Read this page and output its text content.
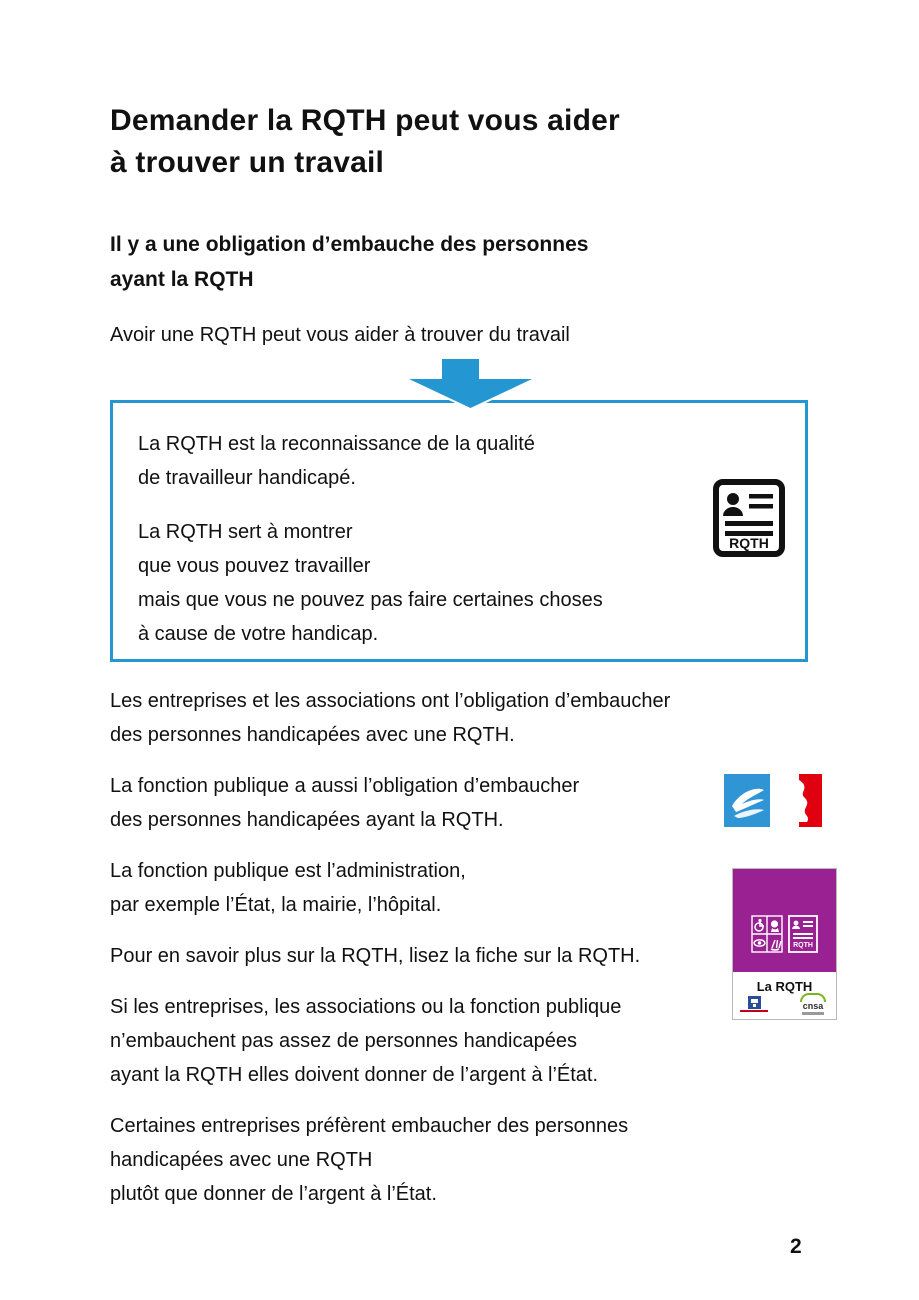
Demander la RQTH peut vous aider
à trouver un travail
Il y a une obligation d’embauche des personnes
ayant la RQTH

Avoir une RQTH peut vous aider à trouver du travail

La RQTH est la reconnaissance de la qualité
de travailleur handicapé.
La RQTH sert à montrer
que vous pouvez travailler
mais que vous ne pouvez pas faire certaines choses
à cause de votre handicap.
RQTH

Les entreprises et les associations ont l’obligation d’embaucher
des personnes handicapées avec une RQTH.

La fonction publique a aussi l’obligation d’embaucher
des personnes handicapées ayant la RQTH.

La fonction publique est l’administration,
par exemple l’État, la mairie, l’hôpital.

Pour en savoir plus sur la RQTH, lisez la fiche sur la RQTH.

Si les entreprises, les associations ou la fonction publique
n’embauchent pas assez de personnes handicapées
ayant la RQTH elles doivent donner de l’argent à l’État.

Certaines entreprises préfèrent embaucher des personnes
handicapées avec une RQTH
plutôt que donner de l’argent à l’État.

RQTH
La RQTH
cnsa
2
